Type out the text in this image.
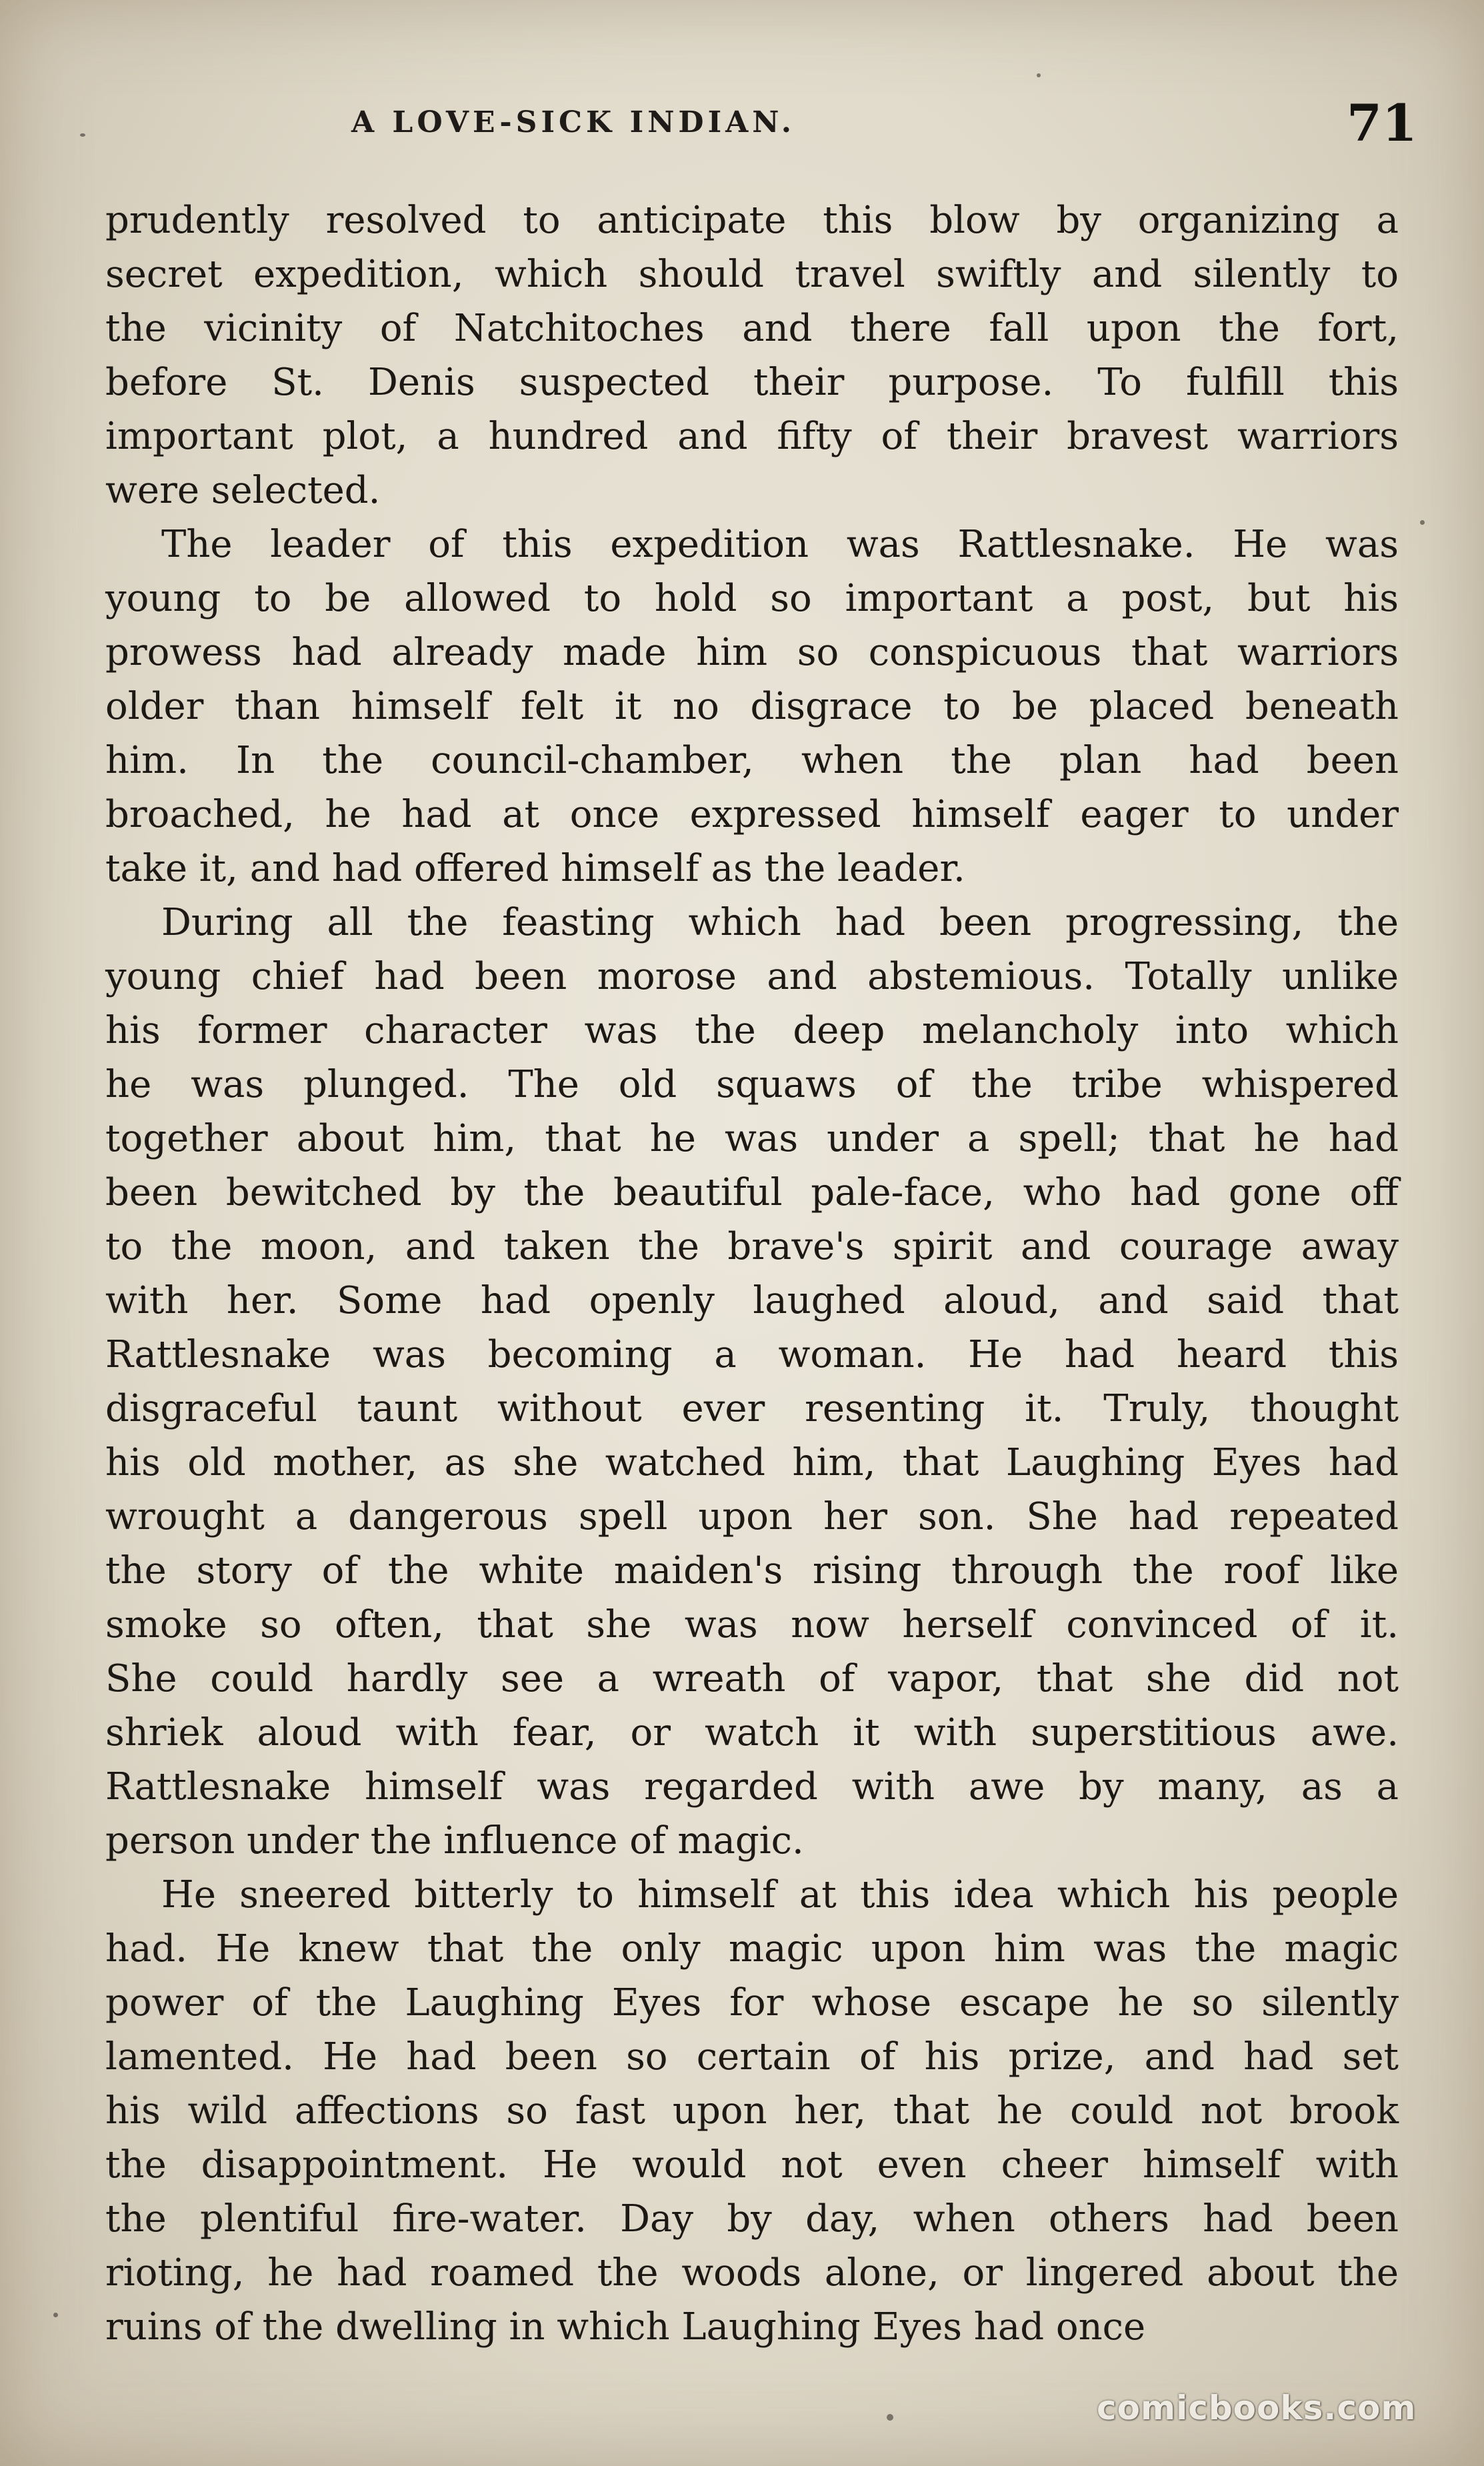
A LOVE-SICK INDIAN.	71
prudently resolved to anticipate this blow by organizing a
secret expedition, which should travel swiftly and silently to
the vicinity of Natchitoches and there fall upon the fort,
before St. Denis suspected their purpose. To fulfill this
important plot, a hundred and fifty of their bravest warriors
were selected.
The leader of this expedition was Rattlesnake. He was
young to be allowed to hold so important a post, but his
prowess had already made him so conspicuous that warriors
older than himself felt it no disgrace to be placed beneath
him. In the council-chamber, when the plan had been
broached, he had at once expressed himself eager to under
take it, and had offered himself as the leader.
During all the feasting which had been progressing, the
young chief had been morose and abstemious. Totally unlike
his former character was the deep melancholy into which
he was plunged. The old squaws of the tribe whispered
together about him, that he was under a spell; that he had
been bewitched by the beautiful pale-face, who had gone off
to the moon, and taken the brave's spirit and courage away
with her. Some had openly laughed aloud, and said that
Rattlesnake was becoming a woman. He had heard this
disgraceful taunt without ever resenting it. Truly, thought
his old mother, as she watched him, that Laughing Eyes had
wrought a dangerous spell upon her son. She had repeated
the story of the white maiden's rising through the roof like
smoke so often, that she was now herself convinced of it.
She could hardly see a wreath of vapor, that she did not
shriek aloud with fear, or watch it with superstitious awe.
Rattlesnake himself was regarded with awe by many, as a
person under the influence of magic.
He sneered bitterly to himself at this idea which his people
had. He knew that the only magic upon him was the magic
power of the Laughing Eyes for whose escape he so silently
lamented. He had been so certain of his prize, and had set
his wild affections so fast upon her, that he could not brook
the disappointment. He would not even cheer himself with
the plentiful fire-water. Day by day, when others had been
rioting, he had roamed the woods alone, or lingered about the
ruins of the dwelling in which Laughing Eyes had once
comicbooks.com
